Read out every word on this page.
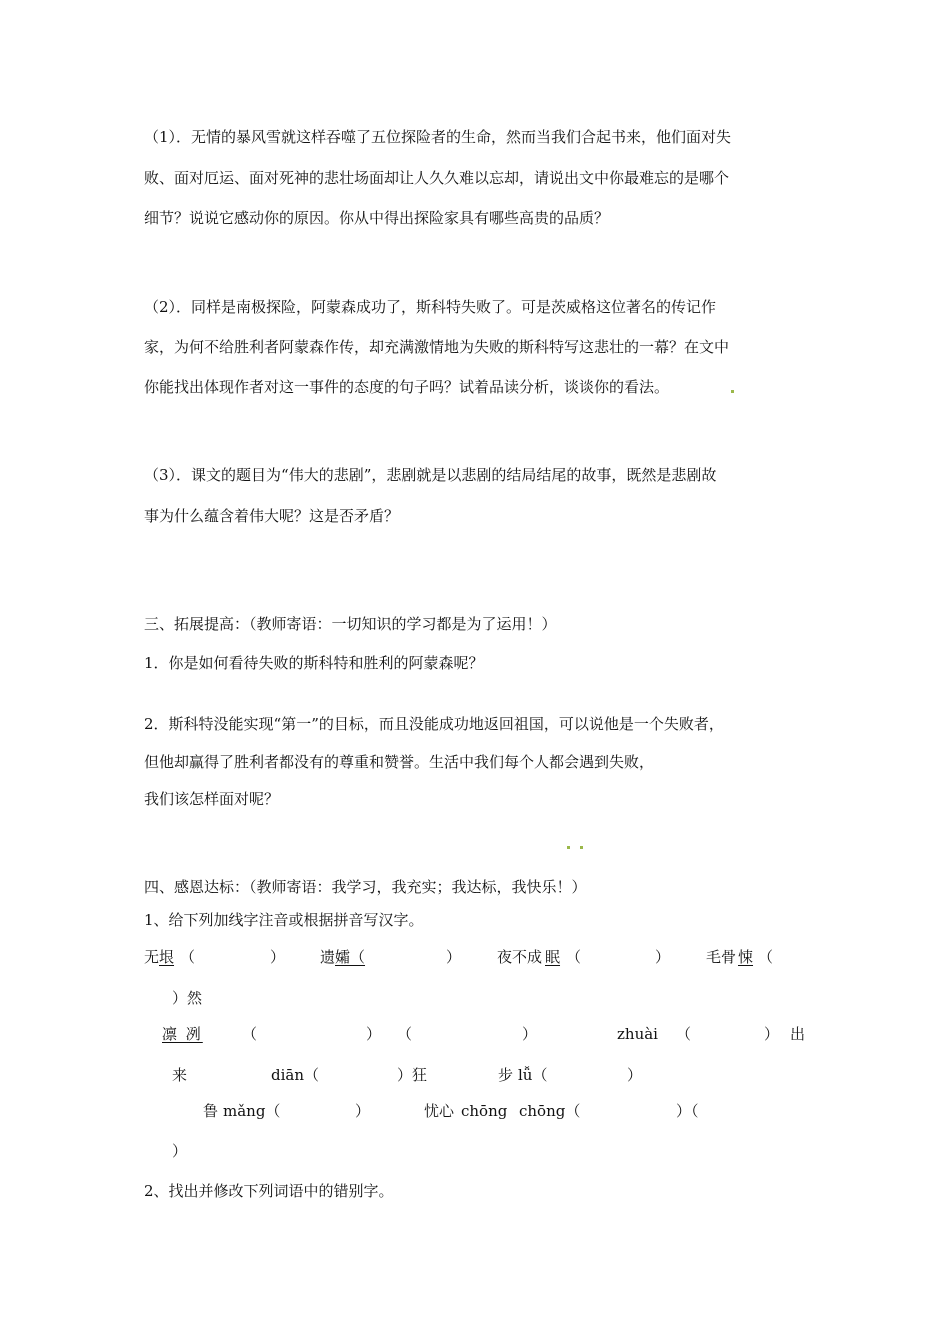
（1）．无情的暴风雪就这样吞噬了五位探险者的生命，然而当我们合起书来，他们面对失
败、面对厄运、面对死神的悲壮场面却让人久久难以忘却，请说出文中你最难忘的是哪个
细节？说说它感动你的原因。你从中得出探险家具有哪些高贵的品质？
（2）．同样是南极探险，阿蒙森成功了，斯科特失败了。可是茨威格这位著名的传记作
家，为何不给胜利者阿蒙森作传，却充满激情地为失败的斯科特写这悲壮的一幕？在文中
你能找出体现作者对这一事件的态度的句子吗？试着品读分析，谈谈你的看法。
（3）．课文的题目为“伟大的悲剧”，悲剧就是以悲剧的结局结尾的故事，既然是悲剧故
事为什么蕴含着伟大呢？这是否矛盾？
三、拓展提高：（教师寄语：一切知识的学习都是为了运用！）
1．你是如何看待失败的斯科特和胜利的阿蒙森呢？
2．斯科特没能实现“第一”的目标，而且没能成功地返回祖国，可以说他是一个失败者，
但他却赢得了胜利者都没有的尊重和赞誉。生活中我们每个人都会遇到失败，
我们该怎样面对呢？
四、感恩达标：（教师寄语：我学习，我充实；我达标，我快乐！）
1、给下列加线字注音或根据拼音写汉字。
无 垠 （	） 遗 孀（	） 夜不成 眠 （	） 毛骨 悚 （
）然
凛 冽	（	） （	）	zhuài （	） 出
来	diān（	）狂	步 lǚ（	）
鲁 mǎng（	）	忧心 chōng chōng（	）（
）
2、找出并修改下列词语中的错别字。
